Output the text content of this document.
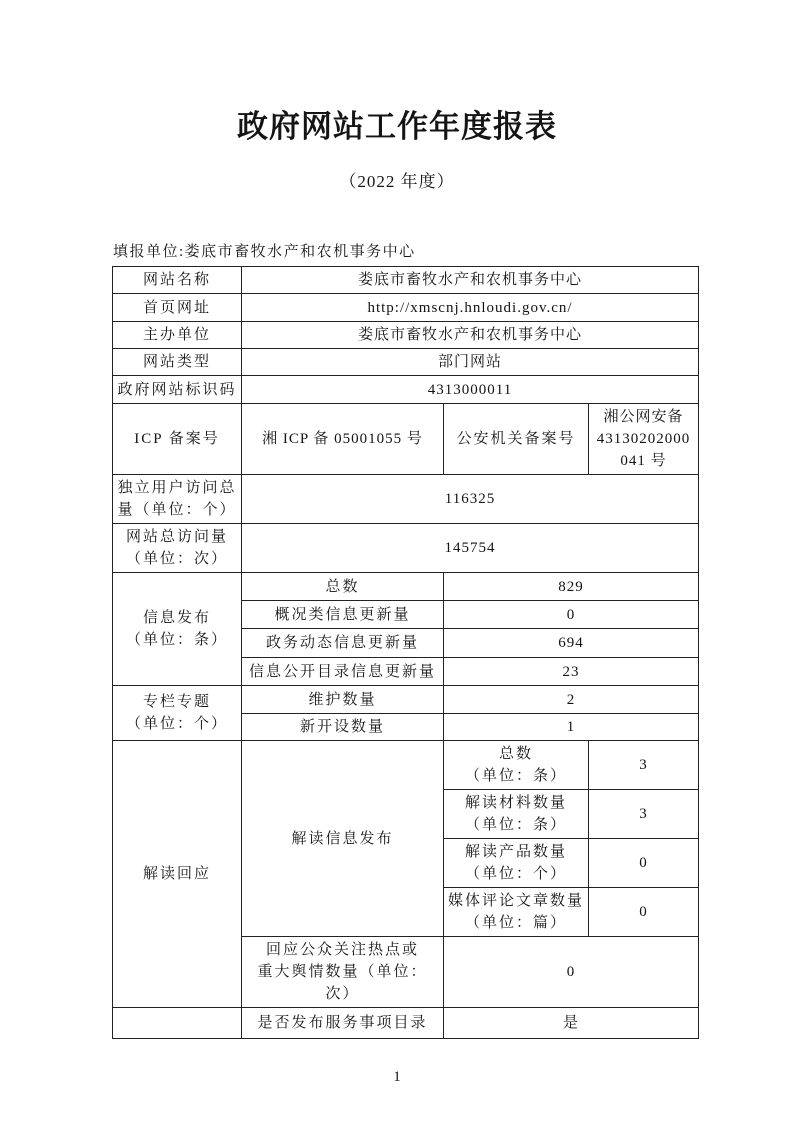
政府网站工作年度报表
（2022 年度）
填报单位:娄底市畜牧水产和农机事务中心
网站名称	娄底市畜牧水产和农机事务中心		
首页网址	http://xmscnj.hnloudi.gov.cn/		
主办单位	娄底市畜牧水产和农机事务中心		
网站类型	部门网站		
政府网站标识码	4313000011		
ICP 备案号	湘 ICP 备 05001055 号	公安机关备案号	湘公网安备
43130202000
041 号

独立用户访问总
量（单位：个）	116325		

网站总访问量
（单位：次）	145754		

信息发布
（单位：条）	总数	829	
	概况类信息更新量	0	
	政务动态信息更新量	694	
	信息公开目录信息更新量	23	

专栏专题
（单位：个）	维护数量	2	
	新开设数量	1	
解读回应	解读信息发布	总数
（单位：条）	3

		解读材料数量
（单位：条）	3

		解读产品数量
（单位：个）	0

		媒体评论文章数量
（单位：篇）	0

	回应公众关注热点或
重大舆情数量（单位：
次）	0	
	是否发布服务事项目录	是	
1
